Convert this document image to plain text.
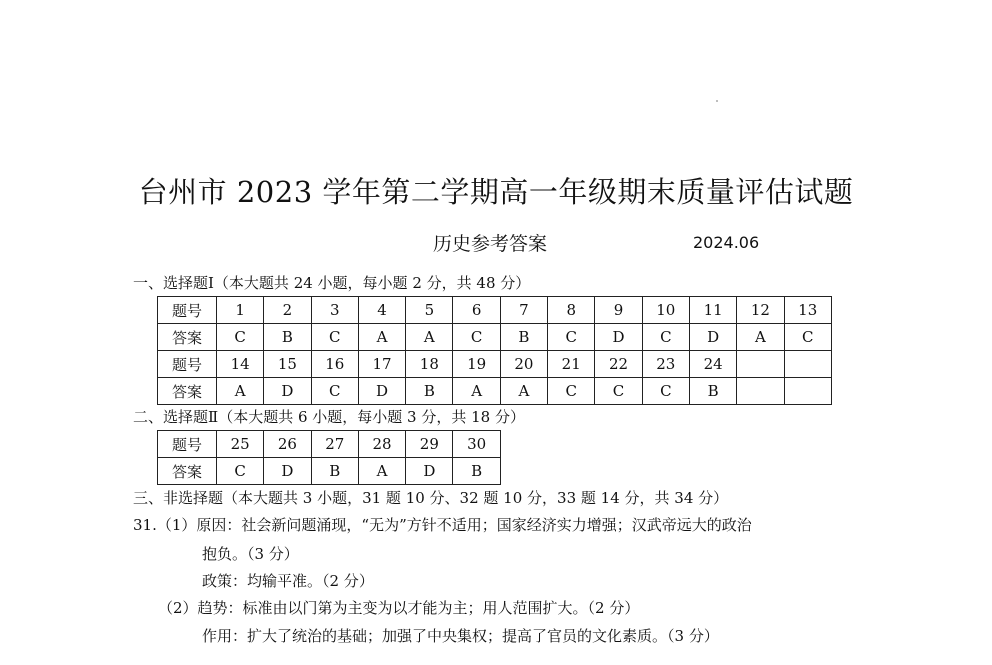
台州市 2023 学年第二学期高一年级期末质量评估试题
历史参考答案	2024.06
一、选择题Ⅰ（本大题共 24 小题，每小题 2 分，共 48 分）
题号	1	2	3	4	5	6	7	8	9	10	11	12	13
答案	C	B	C	A	A	C	B	C	D	C	D	A	C
题号	14	15	16	17	18	19	20	21	22	23	24		
答案	A	D	C	D	B	A	A	C	C	C	B		
二、选择题Ⅱ（本大题共 6 小题，每小题 3 分，共 18 分）
题号	25	26	27	28	29	30
答案	C	D	B	A	D	B
三、非选择题（本大题共 3 小题，31 题 10 分、32 题 10 分，33 题 14 分，共 34 分）
31.（1）原因：社会新问题涌现，“无为”方针不适用；国家经济实力增强；汉武帝远大的政治
抱负。（3 分）
政策：均输平准。（2 分）
（2）趋势：标准由以门第为主变为以才能为主；用人范围扩大。（2 分）
作用：扩大了统治的基础；加强了中央集权；提高了官员的文化素质。（3 分）
